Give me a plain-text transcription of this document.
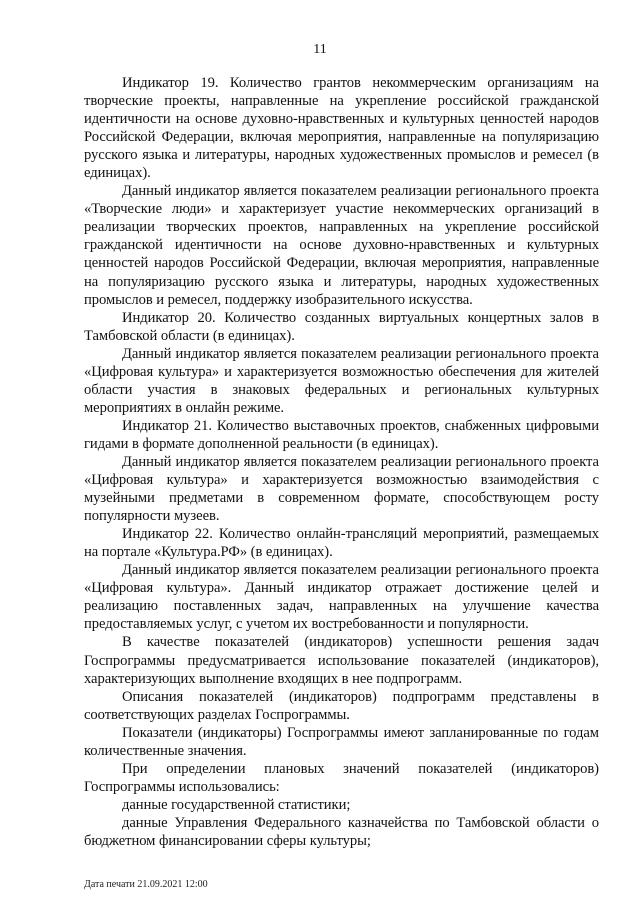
11

Индикатор 19. Количество грантов некоммерческим организациям на творческие проекты, направленные на укрепление российской гражданской идентичности на основе духовно-нравственных и культурных ценностей народов Российской Федерации, включая мероприятия, направленные на популяризацию русского языка и литературы, народных художественных промыслов и ремесел (в единицах).

Данный индикатор является показателем реализации регионального проекта «Творческие люди» и характеризует участие некоммерческих организаций в реализации творческих проектов, направленных на укрепление российской гражданской идентичности на основе духовно-нравственных и культурных ценностей народов Российской Федерации, включая мероприятия, направленные на популяризацию русского языка и литературы, народных художественных промыслов и ремесел, поддержку изобразительного искусства.

Индикатор 20. Количество созданных виртуальных концертных залов в Тамбовской области (в единицах).

Данный индикатор является показателем реализации регионального проекта «Цифровая культура» и характеризуется возможностью обеспечения для жителей области участия в знаковых федеральных и региональных культурных мероприятиях в онлайн режиме.

Индикатор 21. Количество выставочных проектов, снабженных цифровыми гидами в формате дополненной реальности (в единицах).

Данный индикатор является показателем реализации регионального проекта «Цифровая культура» и характеризуется возможностью взаимодействия с музейными предметами в современном формате, способствующем росту популярности музеев.

Индикатор 22. Количество онлайн-трансляций мероприятий, размещаемых на портале «Культура.РФ» (в единицах).

Данный индикатор является показателем реализации регионального проекта «Цифровая культура». Данный индикатор отражает достижение целей и реализацию поставленных задач, направленных на улучшение качества предоставляемых услуг, с учетом их востребованности и популярности.

В качестве показателей (индикаторов) успешности решения задач Госпрограммы предусматривается использование показателей (индикаторов), характеризующих выполнение входящих в нее подпрограмм.

Описания показателей (индикаторов) подпрограмм представлены в соответствующих разделах Госпрограммы.

Показатели (индикаторы) Госпрограммы имеют запланированные по годам количественные значения.

При определении плановых значений показателей (индикаторов) Госпрограммы использовались:

данные государственной статистики;

данные Управления Федерального казначейства по Тамбовской области о бюджетном финансировании сферы культуры;

Дата печати 21.09.2021 12:00
